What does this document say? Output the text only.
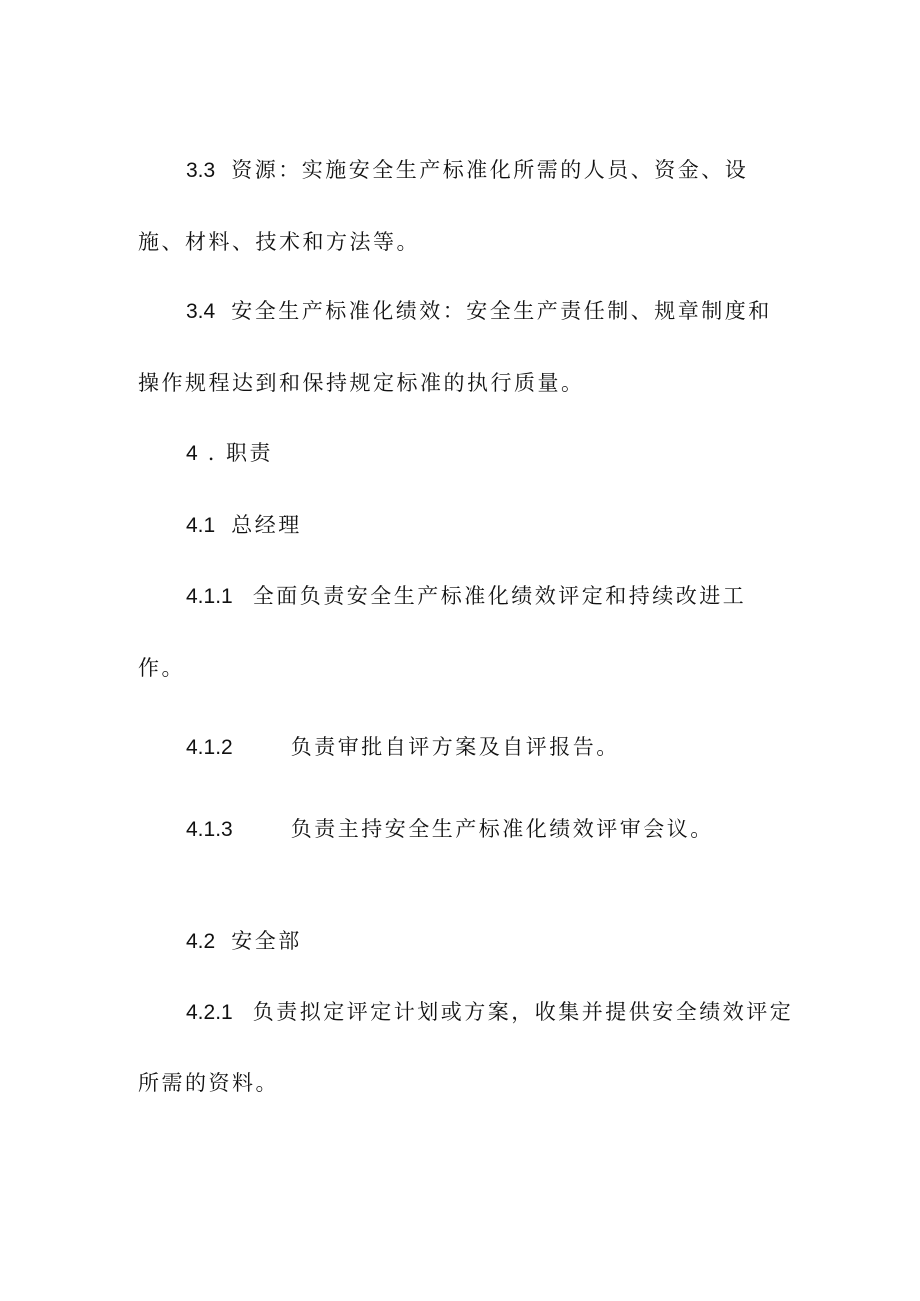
3.3 资源：实施安全生产标准化所需的人员、资金、设
施、材料、技术和方法等。
3.4 安全生产标准化绩效：安全生产责任制、规章制度和
操作规程达到和保持规定标准的执行质量。
4 . 职责
4.1 总经理
4.1.1 全面负责安全生产标准化绩效评定和持续改进工
作。
4.1.2	负责审批自评方案及自评报告。
4.1.3	负责主持安全生产标准化绩效评审会议。
4.2 安全部
4.2.1 负责拟定评定计划或方案，收集并提供安全绩效评定
所需的资料。
